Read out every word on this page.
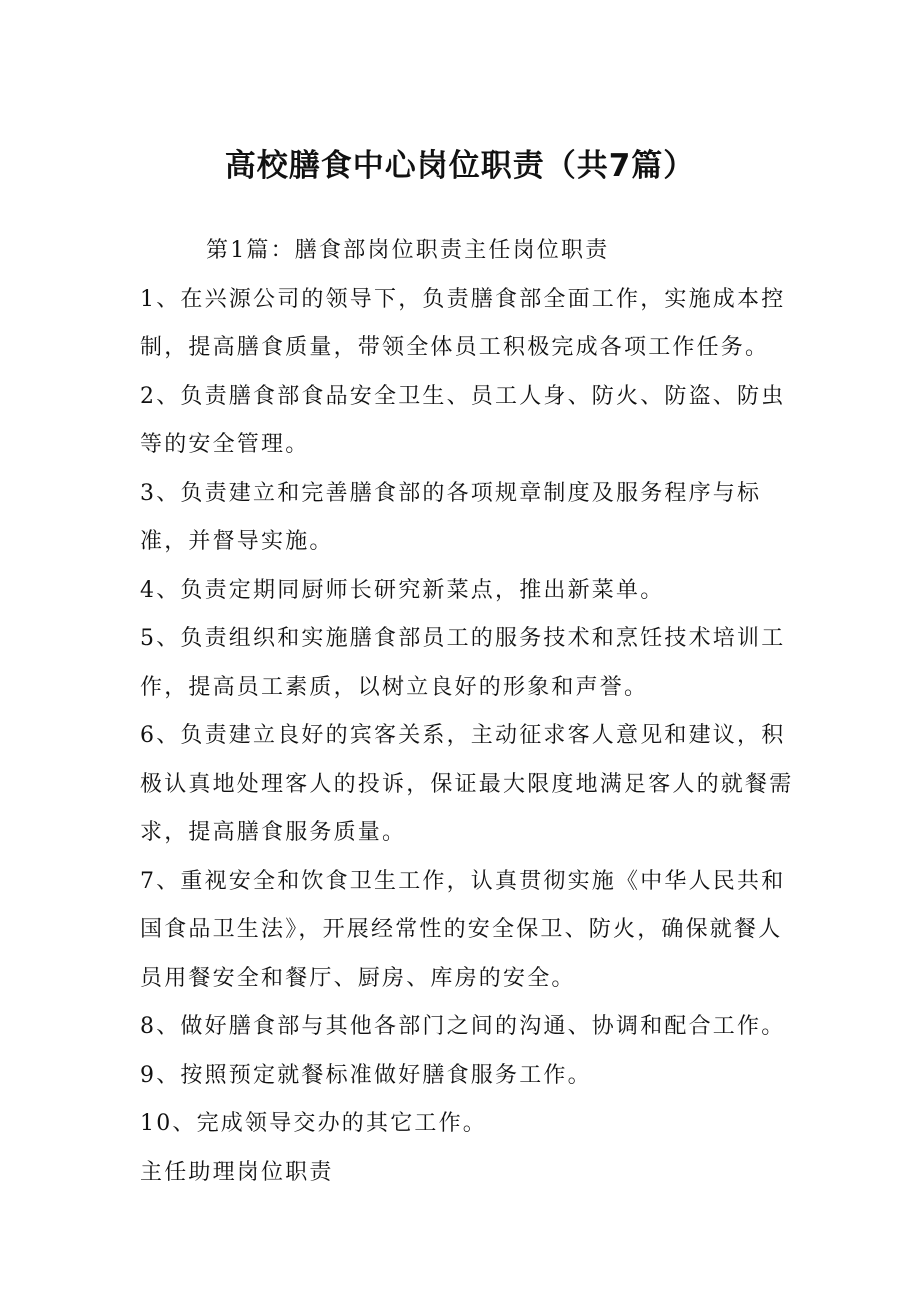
高校膳食中心岗位职责（共7篇）

第1篇：膳食部岗位职责主任岗位职责

1、在兴源公司的领导下，负责膳食部全面工作，实施成本控制，提高膳食质量，带领全体员工积极完成各项工作任务。

2、负责膳食部食品安全卫生、员工人身、防火、防盗、防虫等的安全管理。

3、负责建立和完善膳食部的各项规章制度及服务程序与标准，并督导实施。

4、负责定期同厨师长研究新菜点，推出新菜单。

5、负责组织和实施膳食部员工的服务技术和烹饪技术培训工作，提高员工素质，以树立良好的形象和声誉。

6、负责建立良好的宾客关系，主动征求客人意见和建议，积极认真地处理客人的投诉，保证最大限度地满足客人的就餐需求，提高膳食服务质量。

7、重视安全和饮食卫生工作，认真贯彻实施《中华人民共和国食品卫生法》，开展经常性的安全保卫、防火，确保就餐人员用餐安全和餐厅、厨房、库房的安全。

8、做好膳食部与其他各部门之间的沟通、协调和配合工作。

9、按照预定就餐标准做好膳食服务工作。

10、完成领导交办的其它工作。

主任助理岗位职责
